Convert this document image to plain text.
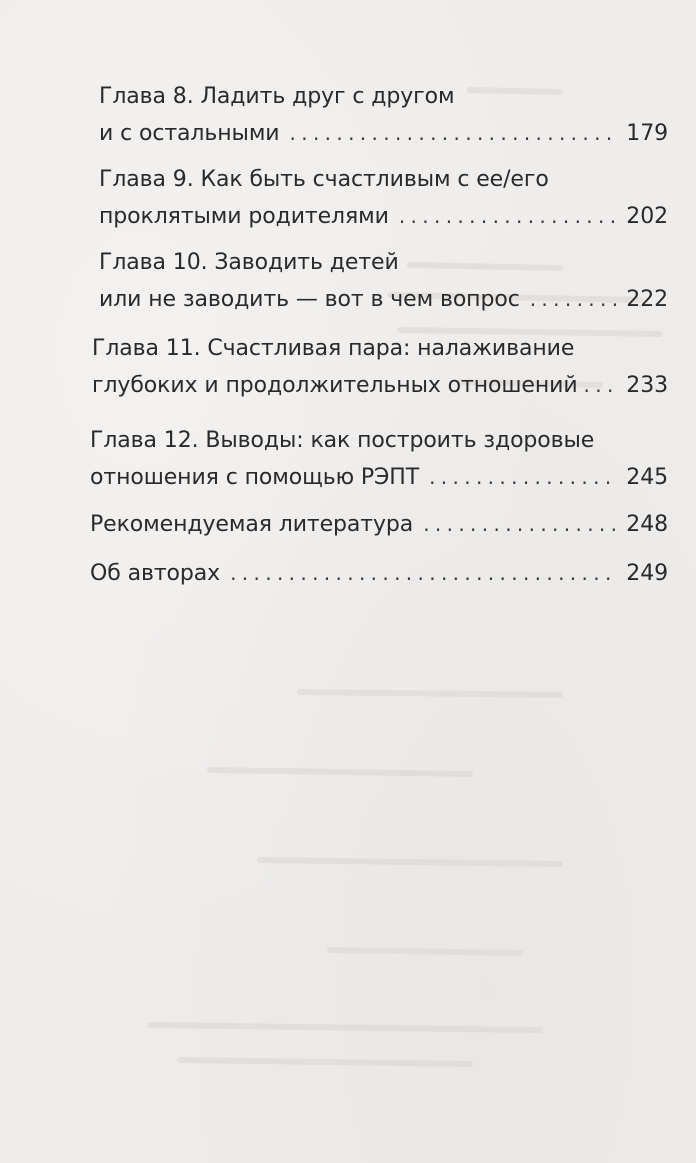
Глава 8. Ладить друг с другом
и с остальными . . .	179
Глава 9. Как быть счастливым с ее/его
проклятыми родителями . . .	202
Глава 10. Заводить детей
или не заводить — вот в чем вопрос . . .	222
Глава 11. Счастливая пара: налаживание
глубоких и продолжительных отношений . . . 233
Глава 12. Выводы: как построить здоровые
отношения с помощью РЭПТ . . .	245
Рекомендуемая литература . . .	248
Об авторах . . .	249
